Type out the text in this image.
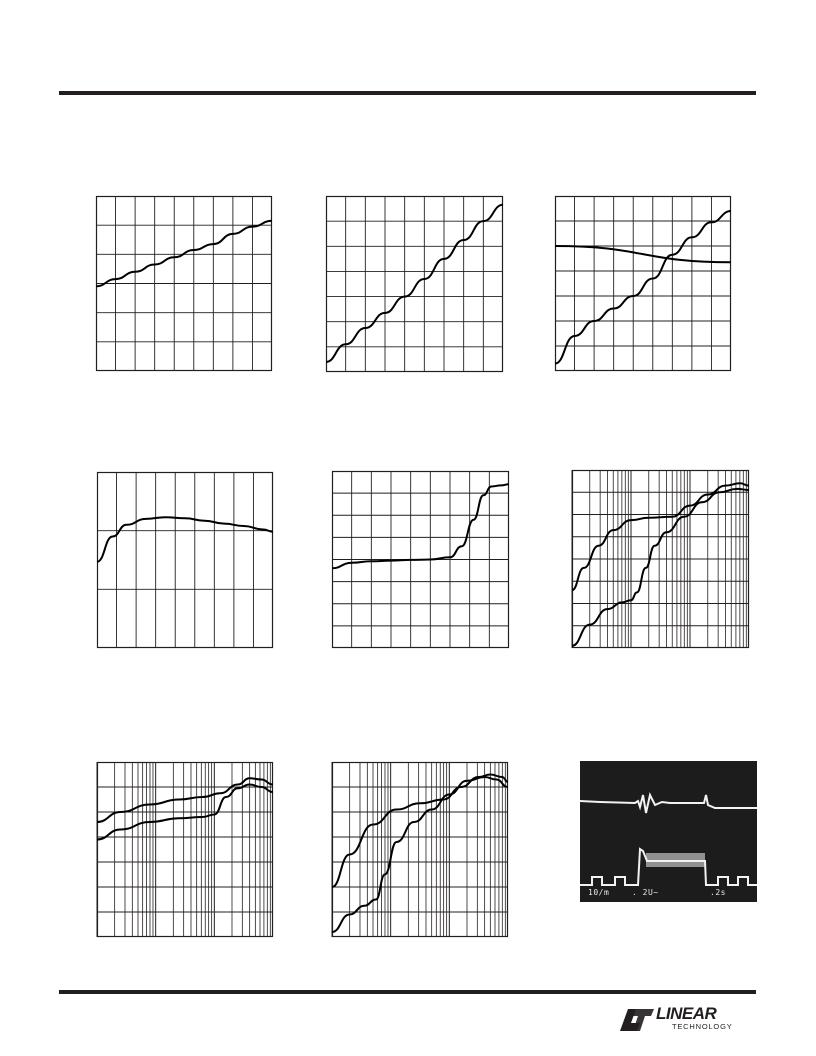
10/m	. 2U~	.2s
LINEAR
TECHNOLOGY
